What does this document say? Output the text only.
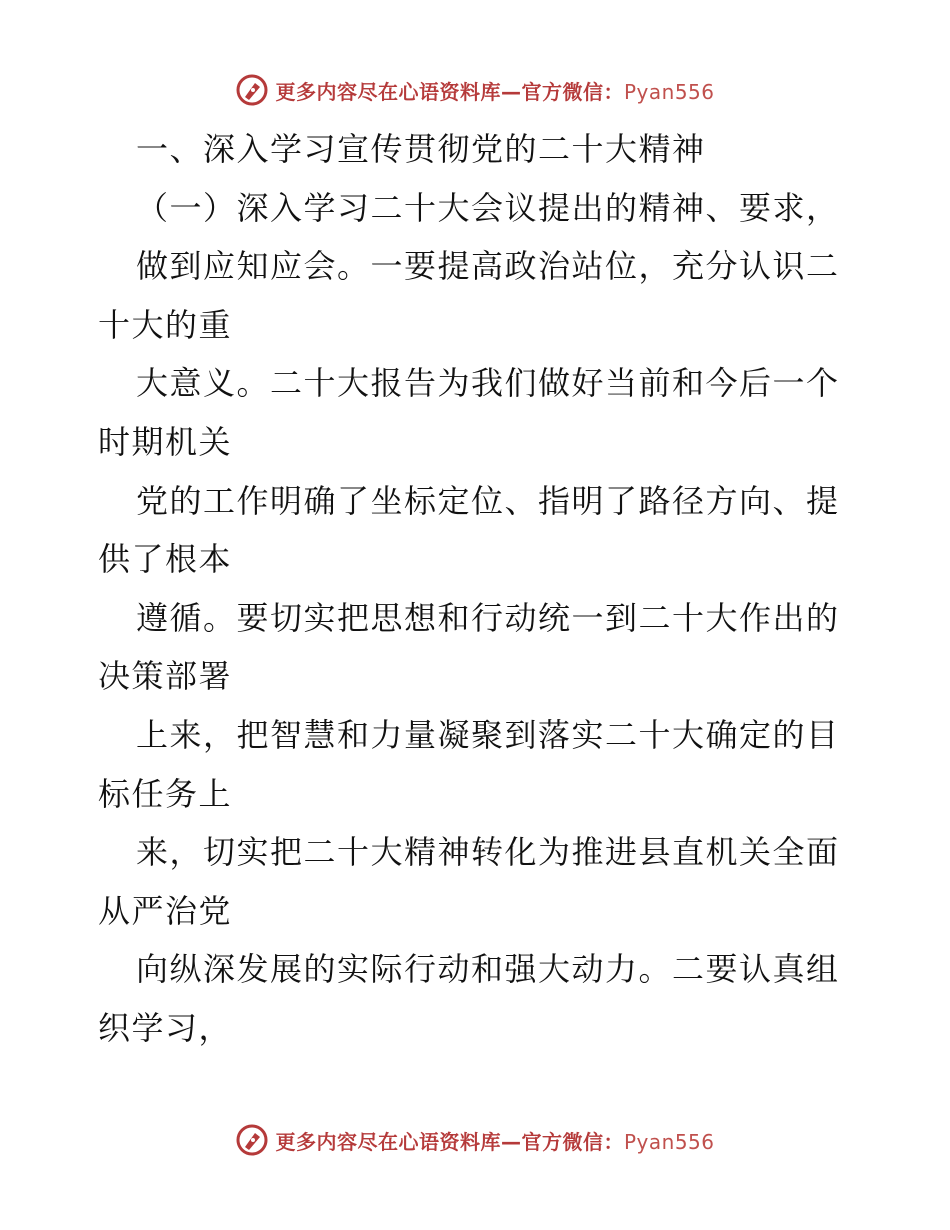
更多内容尽在心语资料库—官方微信：Pyan556

一、深入学习宣传贯彻党的二十大精神

（一）深入学习二十大会议提出的精神、要求，

做到应知应会。一要提高政治站位，充分认识二十大的重

大意义。二十大报告为我们做好当前和今后一个时期机关

党的工作明确了坐标定位、指明了路径方向、提供了根本

遵循。要切实把思想和行动统一到二十大作出的决策部署

上来，把智慧和力量凝聚到落实二十大确定的目标任务上

来，切实把二十大精神转化为推进县直机关全面从严治党

向纵深发展的实际行动和强大动力。二要认真组织学习，

更多内容尽在心语资料库—官方微信：Pyan556
